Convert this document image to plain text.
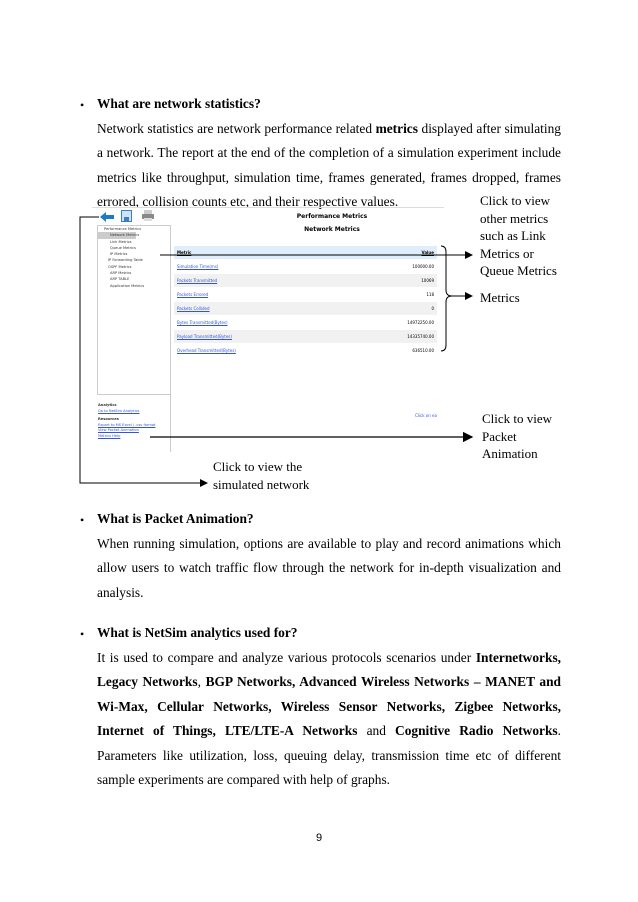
• What are network statistics?

Network statistics are network performance related metrics displayed after simulating a network. The report at the end of the completion of a simulation experiment include metrics like throughput, simulation time, frames generated, frames dropped, frames errored, collision counts etc, and their respective values.

Performance Metrics
Network Metrics
Performance Metrics
Network Metrics
Link Metrics
Queue Metrics
IP Metrics
IP Forwarding Table
OSPF Metrics
ARP Metrics
ARP TABLE
Application Metrics
Analytics
Go to NetSim Analytics
Resources
Export to MS Excel / .csv format
View Packet Animation
Metrics Help
Metric	Value
Simulation Time(ms)	100000.00
Packets Transmitted	10069
Packets Errored	118
Packets Collided	0
Bytes Transmitted(Bytes)	14972250.00
Payload Transmitted(Bytes)	14335740.00
Overhead Transmitted(Bytes)	636510.00
Click on ea
Click to view other metrics such as Link Metrics or Queue Metrics
Metrics
Click to view Packet Animation
Click to view the simulated network
• What is Packet Animation?

When running simulation, options are available to play and record animations which allow users to watch traffic flow through the network for in-depth visualization and analysis.

• What is NetSim analytics used for?

It is used to compare and analyze various protocols scenarios under Internetworks, Legacy Networks, BGP Networks, Advanced Wireless Networks – MANET and Wi-Max, Cellular Networks, Wireless Sensor Networks, Zigbee Networks, Internet of Things, LTE/LTE-A Networks and Cognitive Radio Networks. Parameters like utilization, loss, queuing delay, transmission time etc of different sample experiments are compared with help of graphs.

9
